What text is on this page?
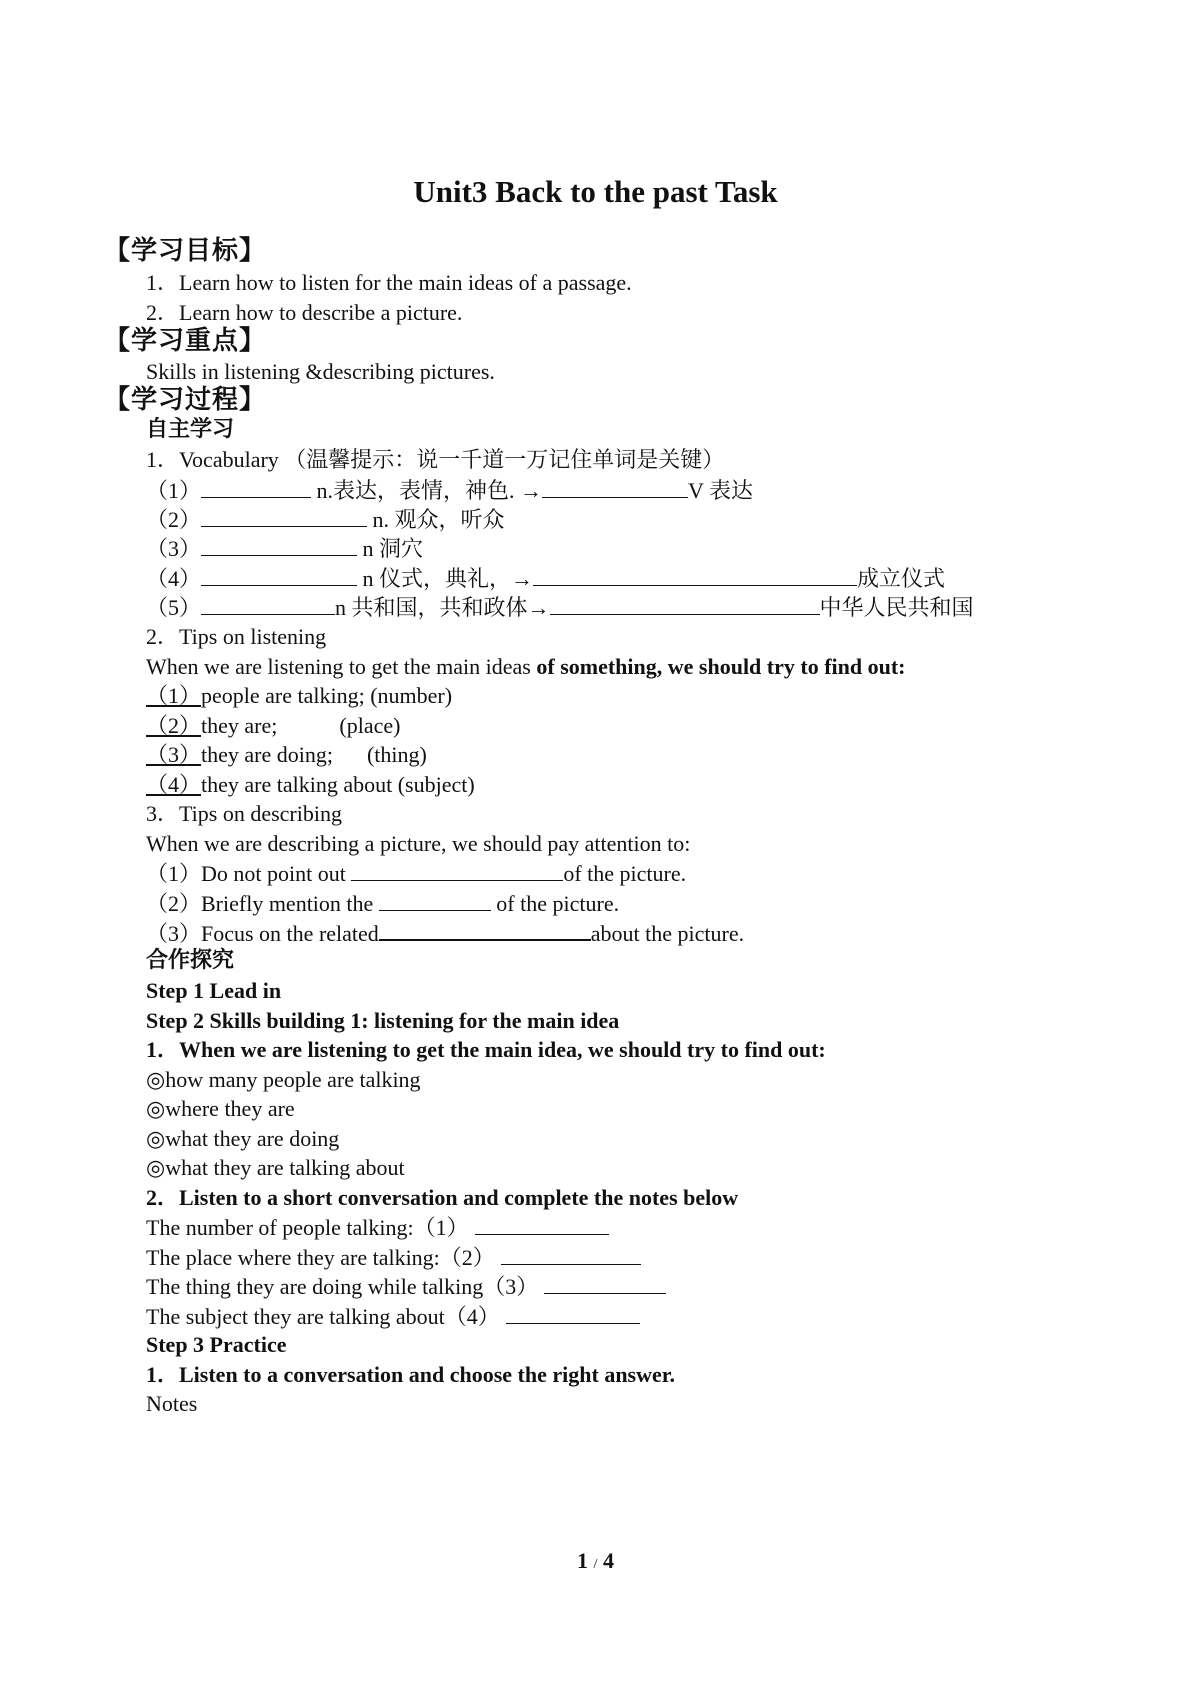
Unit3 Back to the past Task
【学习目标】
1．Learn how to listen for the main ideas of a passage.
2．Learn how to describe a picture.
【学习重点】
Skills in listening &describing pictures.
【学习过程】
自主学习
1．Vocabulary （温馨提示：说一千道一万记住单词是关键）
（1）	n.表达，表情，神色. →	V 表达
（2）	n. 观众，听众
（3）	n 洞穴
（4）	n 仪式，典礼，→	成立仪式
（5）	n 共和国，共和政体→	中华人民共和国
2．Tips on listening
When we are listening to get the main ideas of something, we should try to find out:
（1）people are talking; (number)
（2）they are;	(place)
（3）they are doing; (thing)
（4）they are talking about (subject)
3．Tips on describing
When we are describing a picture, we should pay attention to:
（1）Do not point out	of the picture.
（2）Briefly mention the	of the picture.
（3）Focus on the related	about the picture.
合作探究
Step 1 Lead in
Step 2 Skills building 1: listening for the main idea
1．When we are listening to get the main idea, we should try to find out:
◎how many people are talking
◎where they are
◎what they are doing
◎what they are talking about
2．Listen to a short conversation and complete the notes below
The number of people talking:（1）
The place where they are talking:（2）
The thing they are doing while talking（3）
The subject they are talking about（4）
Step 3 Practice
1．Listen to a conversation and choose the right answer.
Notes
1 / 4
